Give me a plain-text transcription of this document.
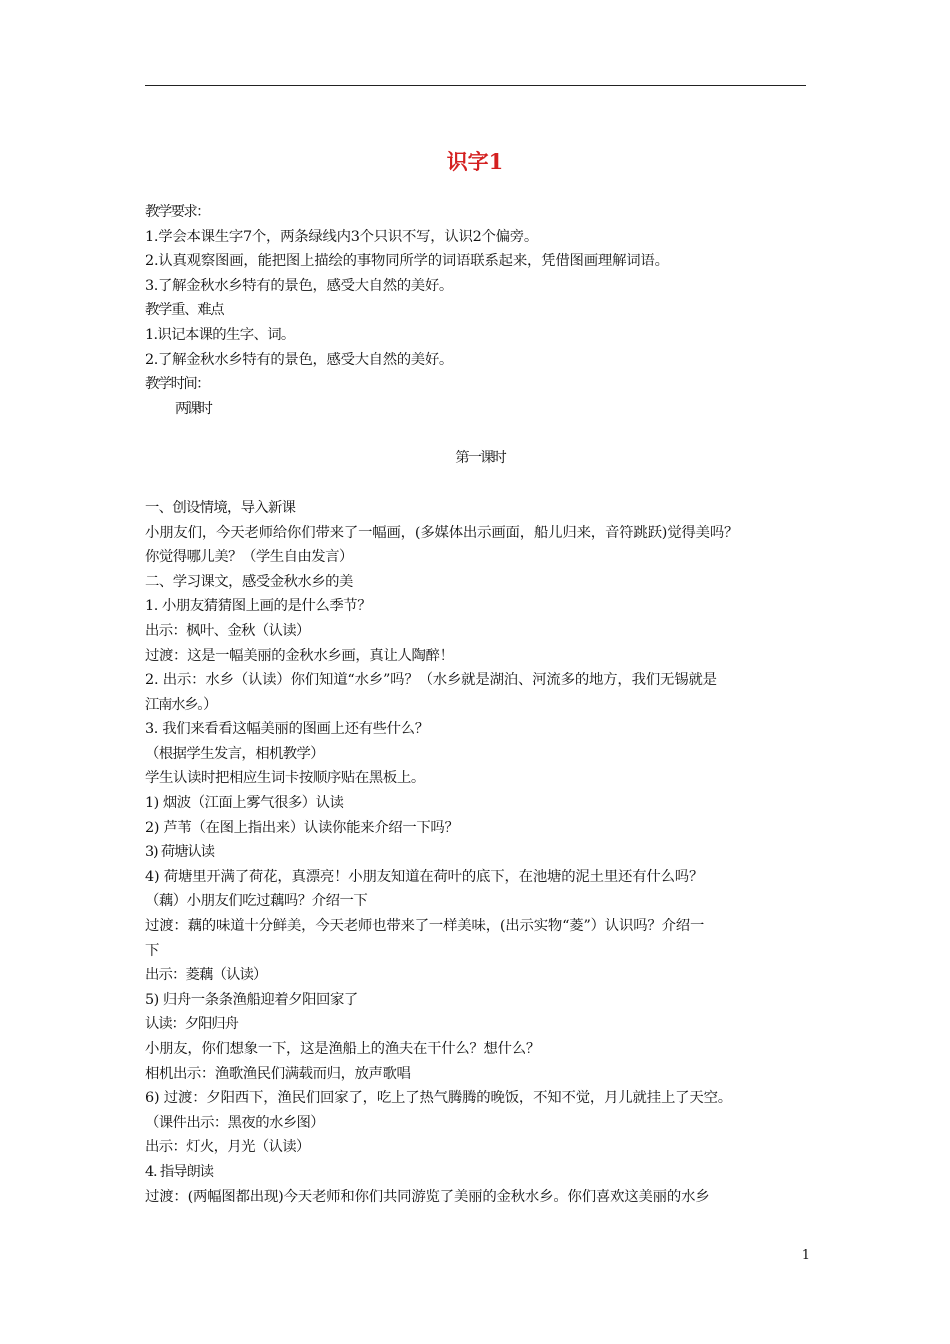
识字1
教学要求：
1.学会本课生字7个，两条绿线内3个只识不写，认识2个偏旁。
2.认真观察图画，能把图上描绘的事物同所学的词语联系起来，凭借图画理解词语。
3.了解金秋水乡特有的景色，感受大自然的美好。
教学重、难点
1.识记本课的生字、词。
2.了解金秋水乡特有的景色，感受大自然的美好。
教学时间：
两课时
第一课时
一、创设情境，导入新课
小朋友们，今天老师给你们带来了一幅画，(多媒体出示画面，船儿归来，音符跳跃)觉得美吗？
你觉得哪儿美？（学生自由发言）
二、学习课文，感受金秋水乡的美
1. 小朋友猜猜图上画的是什么季节？
出示：枫叶、金秋（认读）
过渡：这是一幅美丽的金秋水乡画，真让人陶醉！
2. 出示：水乡（认读）你们知道“水乡”吗？（水乡就是湖泊、河流多的地方，我们无锡就是
江南水乡。）
3. 我们来看看这幅美丽的图画上还有些什么？
（根据学生发言，相机教学）
学生认读时把相应生词卡按顺序贴在黑板上。
1) 烟波（江面上雾气很多）认读
2) 芦苇（在图上指出来）认读你能来介绍一下吗？
3) 荷塘认读
4) 荷塘里开满了荷花，真漂亮！小朋友知道在荷叶的底下，在池塘的泥土里还有什么吗？
（藕）小朋友们吃过藕吗？介绍一下
过渡：藕的味道十分鲜美，今天老师也带来了一样美味，(出示实物“菱”）认识吗？介绍一
下
出示：菱藕（认读）
5) 归舟一条条渔船迎着夕阳回家了
认读：夕阳归舟
小朋友，你们想象一下，这是渔船上的渔夫在干什么？想什么？
相机出示：渔歌渔民们满载而归，放声歌唱
6) 过渡：夕阳西下，渔民们回家了，吃上了热气腾腾的晚饭，不知不觉，月儿就挂上了天空。
（课件出示：黑夜的水乡图）
出示：灯火，月光（认读）
4. 指导朗读
过渡：(两幅图都出现)今天老师和你们共同游览了美丽的金秋水乡。你们喜欢这美丽的水乡
1
